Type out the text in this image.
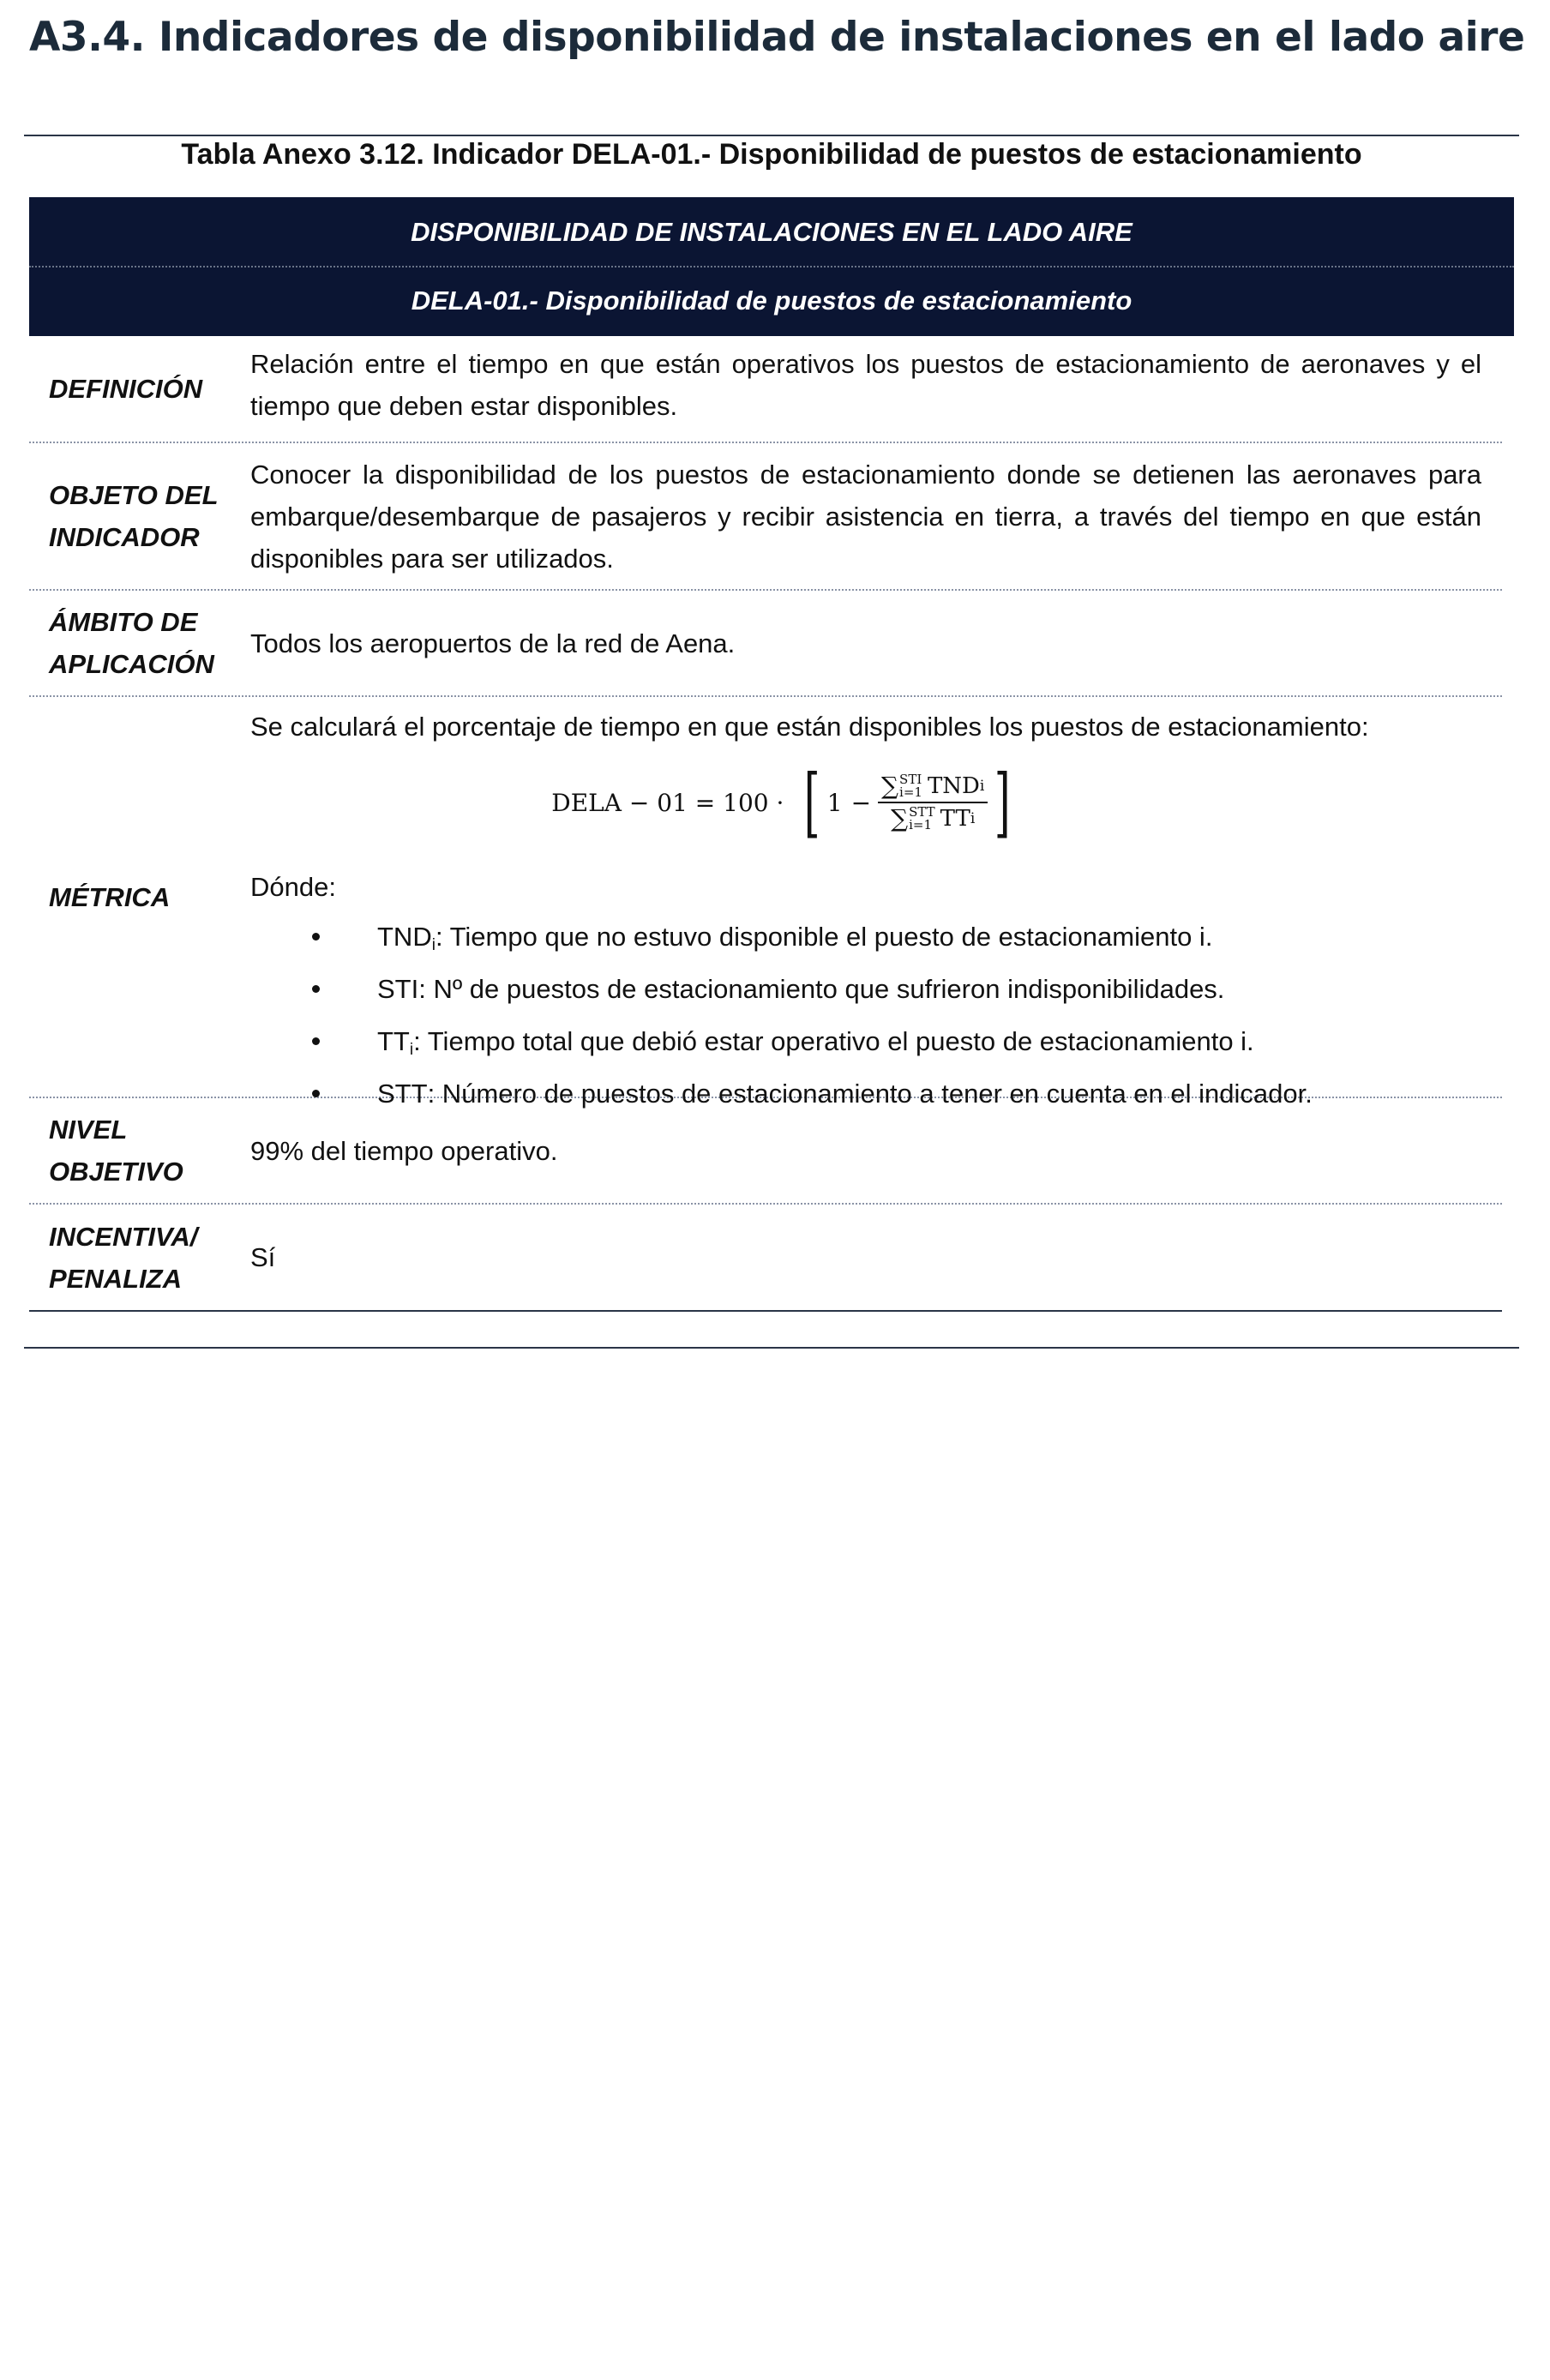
A3.4. Indicadores de disponibilidad de instalaciones en el lado aire
Tabla Anexo 3.12. Indicador DELA-01.- Disponibilidad de puestos de estacionamiento
DISPONIBILIDAD DE INSTALACIONES EN EL LADO AIRE
DELA-01.- Disponibilidad de puestos de estacionamiento
DEFINICIÓN
Relación entre el tiempo en que están operativos los puestos de estacionamiento de aeronaves y el tiempo que deben estar disponibles.
OBJETO DEL INDICADOR
Conocer la disponibilidad de los puestos de estacionamiento donde se detienen las aeronaves para embarque/desembarque de pasajeros y recibir asistencia en tierra, a través del tiempo en que están disponibles para ser utilizados.
ÁMBITO DE APLICACIÓN
Todos los aeropuertos de la red de Aena.
MÉTRICA
Se calculará el porcentaje de tiempo en que están disponibles los puestos de estacionamiento:
DELA − 01 = 100 · [ 1 −
∑ STI
i=1 TND i
∑ STT
i=1 TT i ]
Dónde:
TNDi: Tiempo que no estuvo disponible el puesto de estacionamiento i.
STI: Nº de puestos de estacionamiento que sufrieron indisponibilidades.
TTi: Tiempo total que debió estar operativo el puesto de estacionamiento i.
STT: Número de puestos de estacionamiento a tener en cuenta en el indicador.
NIVEL OBJETIVO
99% del tiempo operativo.
INCENTIVA/ PENALIZA
Sí
